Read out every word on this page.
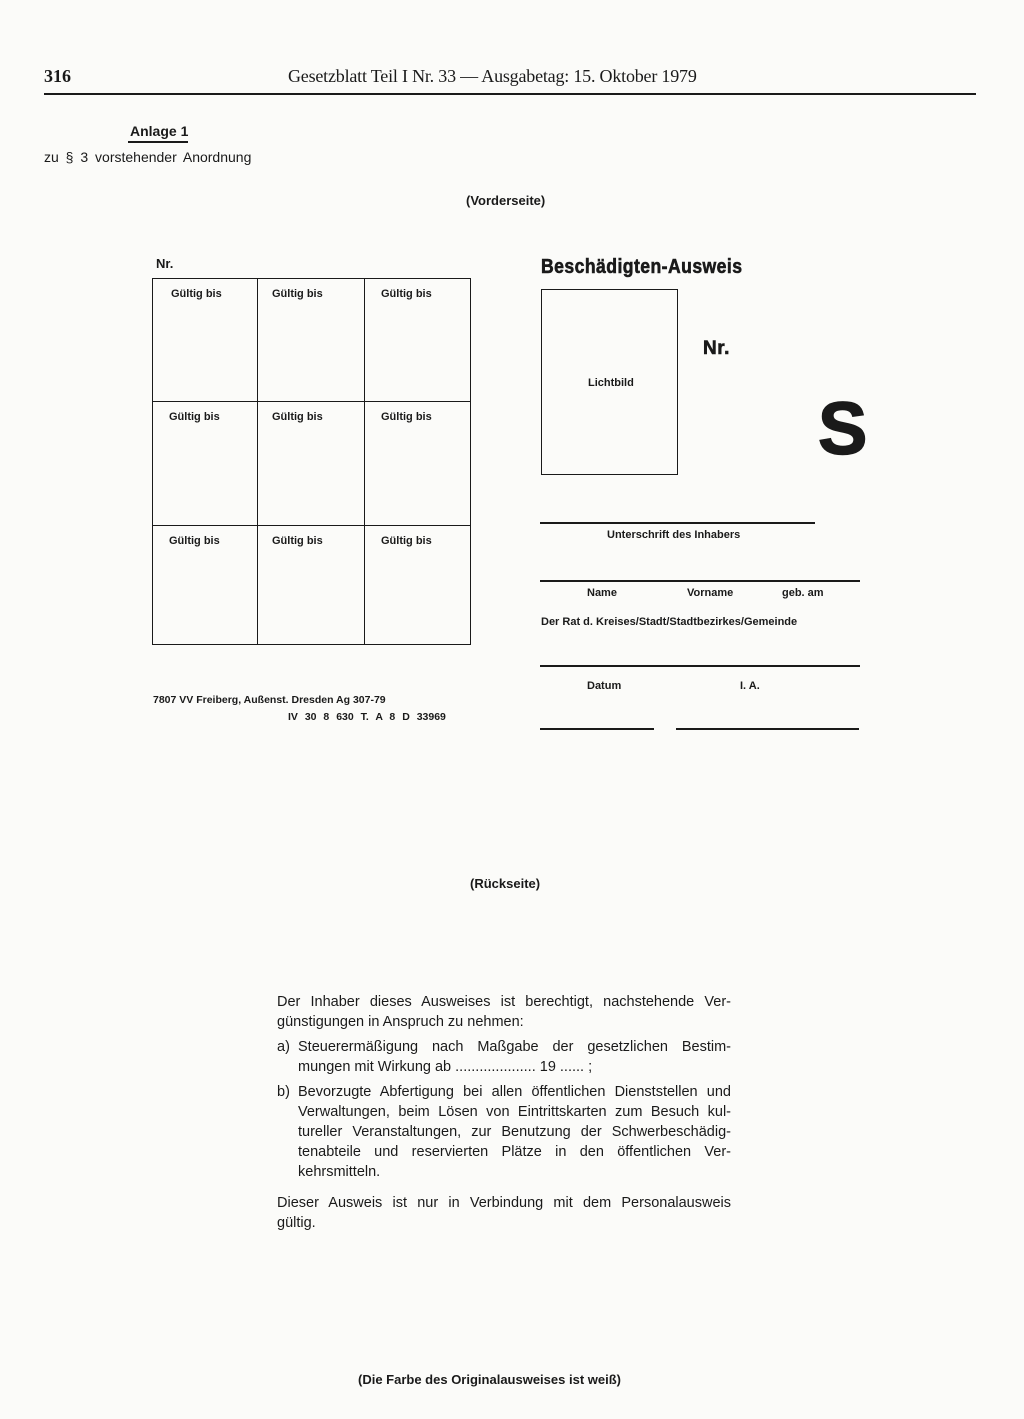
316	Gesetzblatt Teil I Nr. 33 — Ausgabetag: 15. Oktober 1979
Anlage 1
zu § 3 vorstehender Anordnung
(Vorderseite)
Nr.
Gültig bis	Gültig bis	Gültig bis
Gültig bis	Gültig bis	Gültig bis
Gültig bis	Gültig bis	Gültig bis
7807 VV Freiberg, Außenst. Dresden Ag 307-79
IV 30 8 630 T. A 8 D 33969
Beschädigten-Ausweis
Lichtbild
Nr.
S
Unterschrift des Inhabers
Name	Vorname	geb. am
Der Rat d. Kreises/Stadt/Stadtbezirkes/Gemeinde
Datum	I. A.
(Rückseite)
Der Inhaber dieses Ausweises ist berechtigt, nachstehende Ver-
günstigungen in Anspruch zu nehmen:
a) Steuerermäßigung nach Maßgabe der gesetzlichen Bestim-
mungen mit Wirkung ab .................... 19 ...... ;
b) Bevorzugte Abfertigung bei allen öffentlichen Dienststellen und
Verwaltungen, beim Lösen von Eintrittskarten zum Besuch kul-
tureller Veranstaltungen, zur Benutzung der Schwerbeschädig-
tenabteile und reservierten Plätze in den öffentlichen Ver-
kehrsmitteln.
Dieser Ausweis ist nur in Verbindung mit dem Personalausweis
gültig.
(Die Farbe des Originalausweises ist weiß)
